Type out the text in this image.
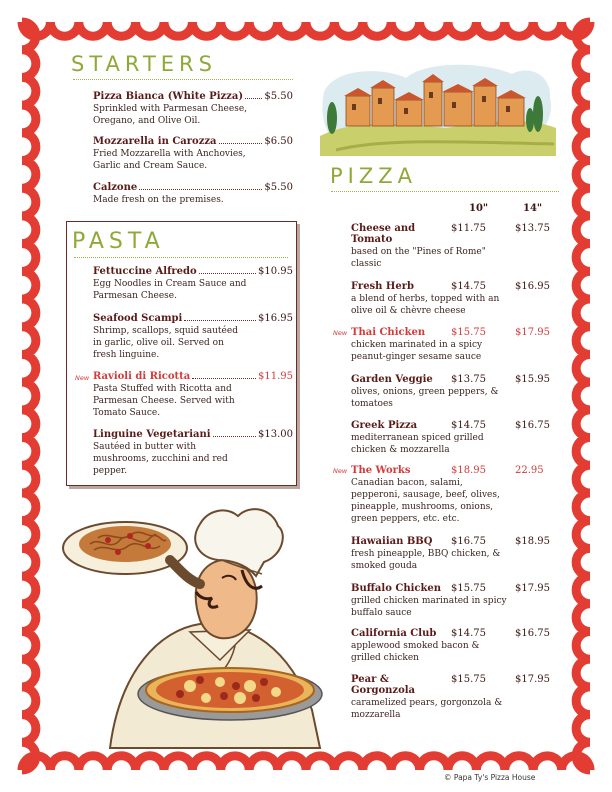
STARTERS
Pizza Bianca (White Pizza) $5.50
Sprinkled with Parmesan Cheese,
Oregano, and Olive Oil.
Mozzarella in Carozza	$6.50
Fried Mozzarella with Anchovies,
Garlic and Cream Sauce.
Calzone	$5.50
Made fresh on the premises.
PASTA
Fettuccine Alfredo	$10.95
Egg Noodles in Cream Sauce and
Parmesan Cheese.
Seafood Scampi	$16.95
Shrimp, scallops, squid sautéed
in garlic, olive oil. Served on
fresh linguine.
New Ravioli di Ricotta	$11.95
Pasta Stuffed with Ricotta and
Parmesan Cheese. Served with
Tomato Sauce.
Linguine Vegetariani	$13.00
Sautéed in butter with
mushrooms, zucchini and red
pepper.
PIZZA
10"	14"
Cheese and
Tomato
$11.75	$13.75
based on the "Pines of Rome"
classic
Fresh Herb	$14.75	$16.95
a blend of herbs, topped with an
olive oil & chèvre cheese
New Thai Chicken	$15.75	$17.95
chicken marinated in a spicy
peanut-ginger sesame sauce
Garden Veggie	$13.75	$15.95
olives, onions, green peppers, &
tomatoes
Greek Pizza	$14.75	$16.75
mediterranean spiced grilled
chicken & mozzarella
New The Works	$18.95	22.95
Canadian bacon, salami,
pepperoni, sausage, beef, olives,
pineapple, mushrooms, onions,
green peppers, etc. etc.
Hawaiian BBQ	$16.75	$18.95
fresh pineapple, BBQ chicken, &
smoked gouda
Buffalo Chicken $15.75	$17.95
grilled chicken marinated in spicy
buffalo sauce
California Club	$14.75	$16.75
applewood smoked bacon &
grilled chicken
Pear &
Gorgonzola
$15.75	$17.95
caramelized pears, gorgonzola &
mozzarella
© Papa Ty's Pizza House
